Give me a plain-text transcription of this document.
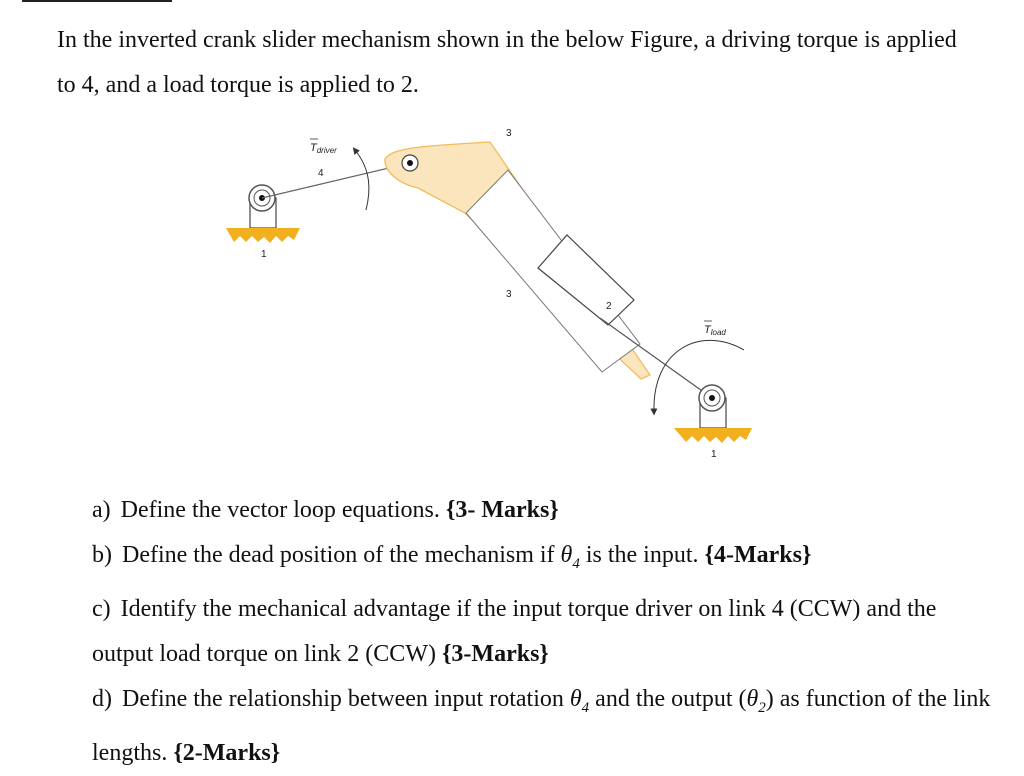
In the inverted crank slider mechanism shown in the below Figure, a driving torque is applied to 4, and a load torque is applied to 2.

1
4
Tdriver
3
3
2
Tload
1

a) Define the vector loop equations. {3- Marks}

b) Define the dead position of the mechanism if $\theta_4$ is the input. {4-Marks}

c) Identify the mechanical advantage if the input torque driver on link 4 (CCW) and the output load torque on link 2 (CCW) {3-Marks}

d) Define the relationship between input rotation $\theta_4$ and the output $(\theta_2)$ as function of the link lengths. {2-Marks}
